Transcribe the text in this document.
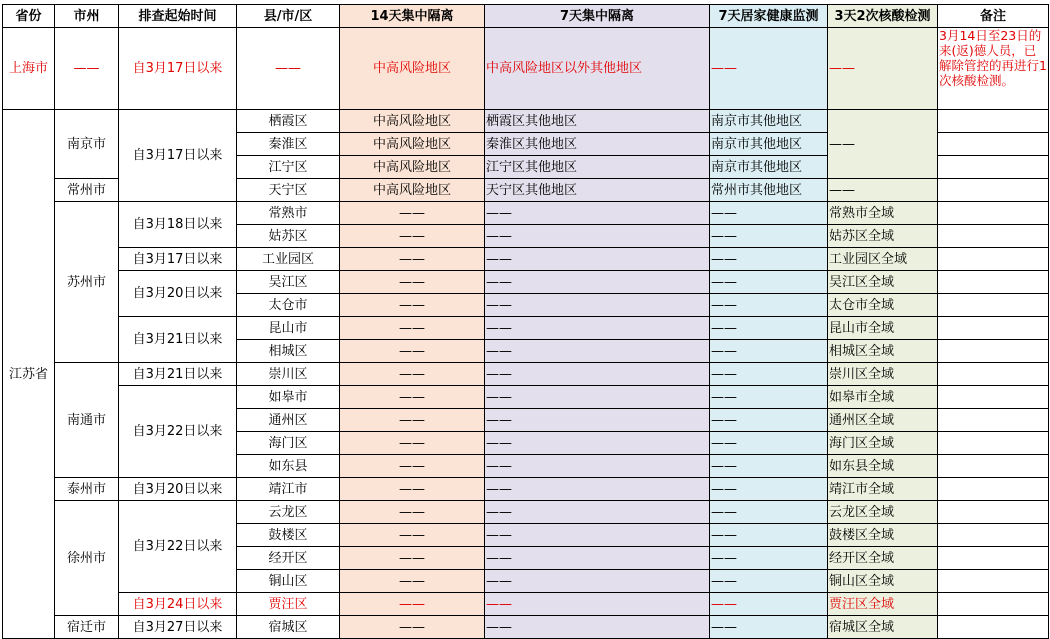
省份	市州	排查起始时间	县/市/区	14天集中隔离	7天集中隔离	7天居家健康监测	3天2次核酸检测	备注
上海市	——	自3月17日以来	——	中高风险地区	中高风险地区以外其他地区	——	——	3月14日至23日的来(返)德人员，已解除管控的再进行1次核酸检测。
江苏省	南京市	自3月17日以来	栖霞区	中高风险地区	栖霞区其他地区	南京市其他地区	——	
			秦淮区	中高风险地区	秦淮区其他地区	南京市其他地区		
			江宁区	中高风险地区	江宁区其他地区	南京市其他地区		
	常州市		天宁区	中高风险地区	天宁区其他地区	常州市其他地区	——	
	苏州市	自3月18日以来	常熟市	——	——	——	常熟市全域	
			姑苏区	——	——	——	姑苏区全域	
		自3月17日以来	工业园区	——	——	——	工业园区全域	
		自3月20日以来	吴江区	——	——	——	吴江区全域	
			太仓市	——	——	——	太仓市全域	
		自3月21日以来	昆山市	——	——	——	昆山市全域	
			相城区	——	——	——	相城区全域	
	南通市	自3月21日以来	崇川区	——	——	——	崇川区全域	
		自3月22日以来	如皋市	——	——	——	如皋市全域	
			通州区	——	——	——	通州区全域	
			海门区	——	——	——	海门区全域	
			如东县	——	——	——	如东县全域	
	泰州市	自3月20日以来	靖江市	——	——	——	靖江市全域	
	徐州市	自3月22日以来	云龙区	——	——	——	云龙区全域	
			鼓楼区	——	——	——	鼓楼区全域	
			经开区	——	——	——	经开区全域	
			铜山区	——	——	——	铜山区全域	
		自3月24日以来	贾汪区	——	——	——	贾汪区全域	
	宿迁市	自3月27日以来	宿城区	——	——	——	宿城区全域	
